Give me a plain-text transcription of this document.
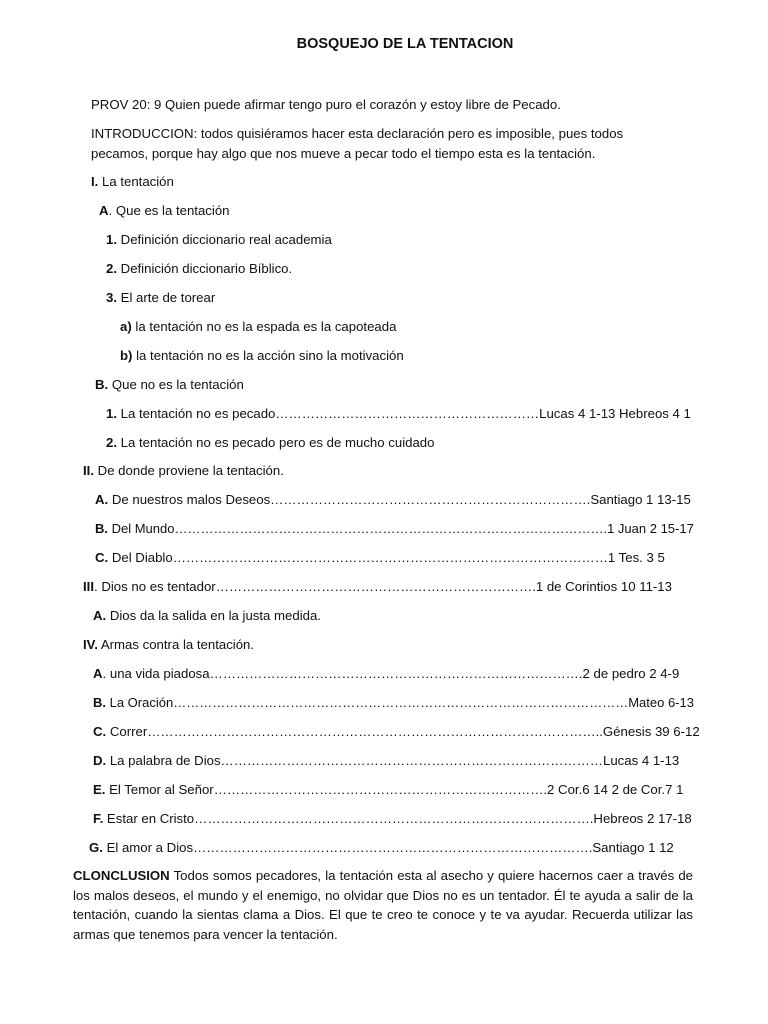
BOSQUEJO DE LA TENTACION
PROV 20: 9 Quien puede afirmar tengo puro el corazón y estoy libre de Pecado.
INTRODUCCION: todos quisiéramos hacer esta declaración pero es imposible, pues todos
pecamos, porque hay algo que nos mueve a pecar todo el tiempo esta es la tentación.
I. La tentación
A. Que es la tentación
1. Definición diccionario real academia
2. Definición diccionario Bíblico.
3. El arte de torear
a) la tentación no es la espada es la capoteada
b) la tentación no es la acción sino la motivación
B. Que no es la tentación
1. La tentación no es pecado……………………………………………………Lucas 4 1-13 Hebreos 4 1
2. La tentación no es pecado pero es de mucho cuidado
II. De donde proviene la tentación.
A. De nuestros malos Deseos……………………………………………………………….Santiago 1 13-15
B. Del Mundo……………………………………………………………………………………….1 Juan 2 15-17
C. Del Diablo………………………………………………………………………………………1 Tes. 3 5
III. Dios no es tentador……………………………………………………………….1 de Corintios 10 11-13
A. Dios da la salida en la justa medida.
IV. Armas contra la tentación.
A. una vida piadosa………………………………………………………………………….2 de pedro 2 4-9
B. La Oración……………………………………………………………………………………………Mateo 6-13
C. Correr…………………………………………………………………………………………..Génesis 39 6-12
D. La palabra de Dios……………………………………………………………………………Lucas 4 1-13
E. El Temor al Señor………………………………………………………………….2 Cor.6 14 2 de Cor.7 1
F. Estar en Cristo……………………………………………………………………………….Hebreos 2 17-18
G. El amor a Dios……………………………………………………………………………….Santiago 1 12
CLONCLUSION Todos somos pecadores, la tentación esta al asecho y quiere hacernos caer a través de los malos deseos, el mundo y el enemigo, no olvidar que Dios no es un tentador. Él te ayuda a salir de la tentación, cuando la sientas clama a Dios. El que te creo te conoce y te va ayudar. Recuerda utilizar las armas que tenemos para vencer la tentación.
